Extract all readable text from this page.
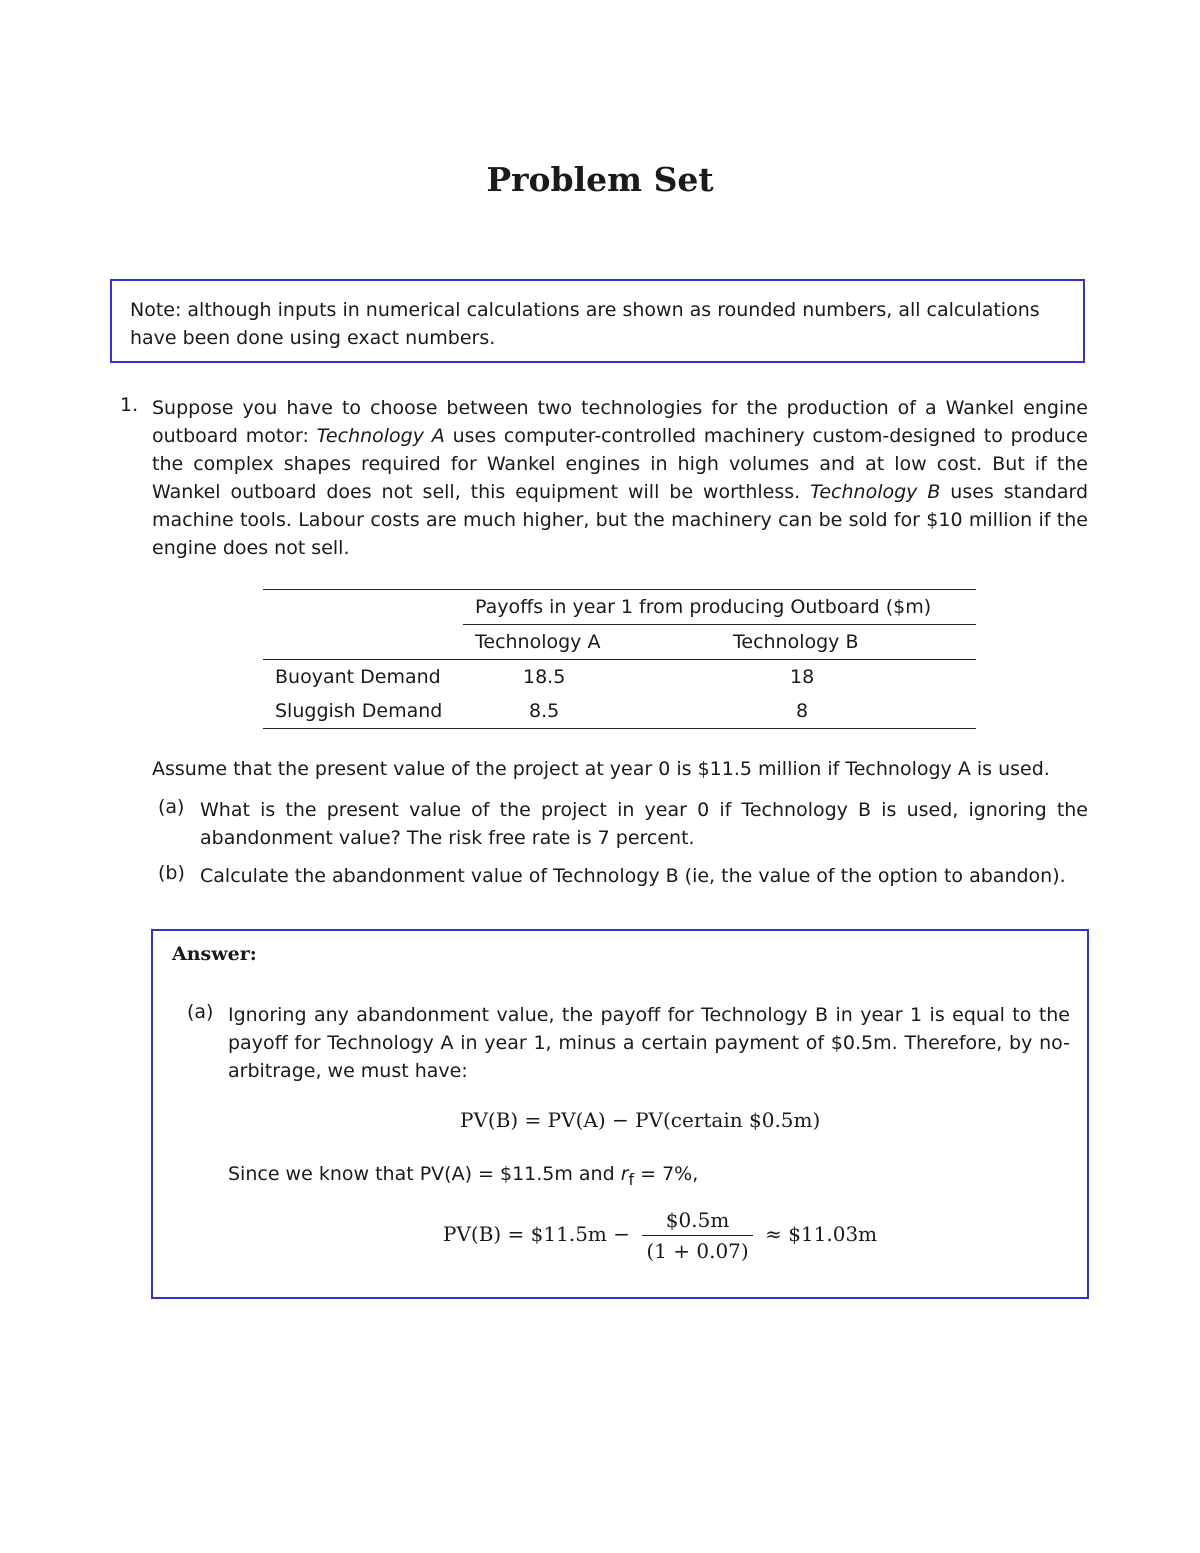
Problem Set
Note: although inputs in numerical calculations are shown as rounded numbers, all calculations have been done using exact numbers.
1. Suppose you have to choose between two technologies for the production of a Wankel engine outboard motor: Technology A uses computer-controlled machinery custom-designed to produce the complex shapes required for Wankel engines in high volumes and at low cost. But if the Wankel outboard does not sell, this equipment will be worthless. Technology B uses standard machine tools. Labour costs are much higher, but the machinery can be sold for $10 million if the engine does not sell.

	Payoffs in year 1 from producing Outboard ($m)	
	Technology A	Technology B
Buoyant Demand	18.5	18
Sluggish Demand	8.5	8

Assume that the present value of the project at year 0 is $11.5 million if Technology A is used.

(a) What is the present value of the project in year 0 if Technology B is used, ignoring the abandonment value? The risk free rate is 7 percent.

(b) Calculate the abandonment value of Technology B (ie, the value of the option to abandon).

Answer:
(a) Ignoring any abandonment value, the payoff for Technology B in year 1 is equal to the payoff for Technology A in year 1, minus a certain payment of $0.5m. Therefore, by no-arbitrage, we must have:

PV(B) = PV(A) − PV(certain $0.5m)
Since we know that PV(A) = $11.5m and $r_f = 7\%$,
PV(B) = $11.5m − $\frac{\$0.5m}{(1 + 0.07)}$ ≈ $11.03m
